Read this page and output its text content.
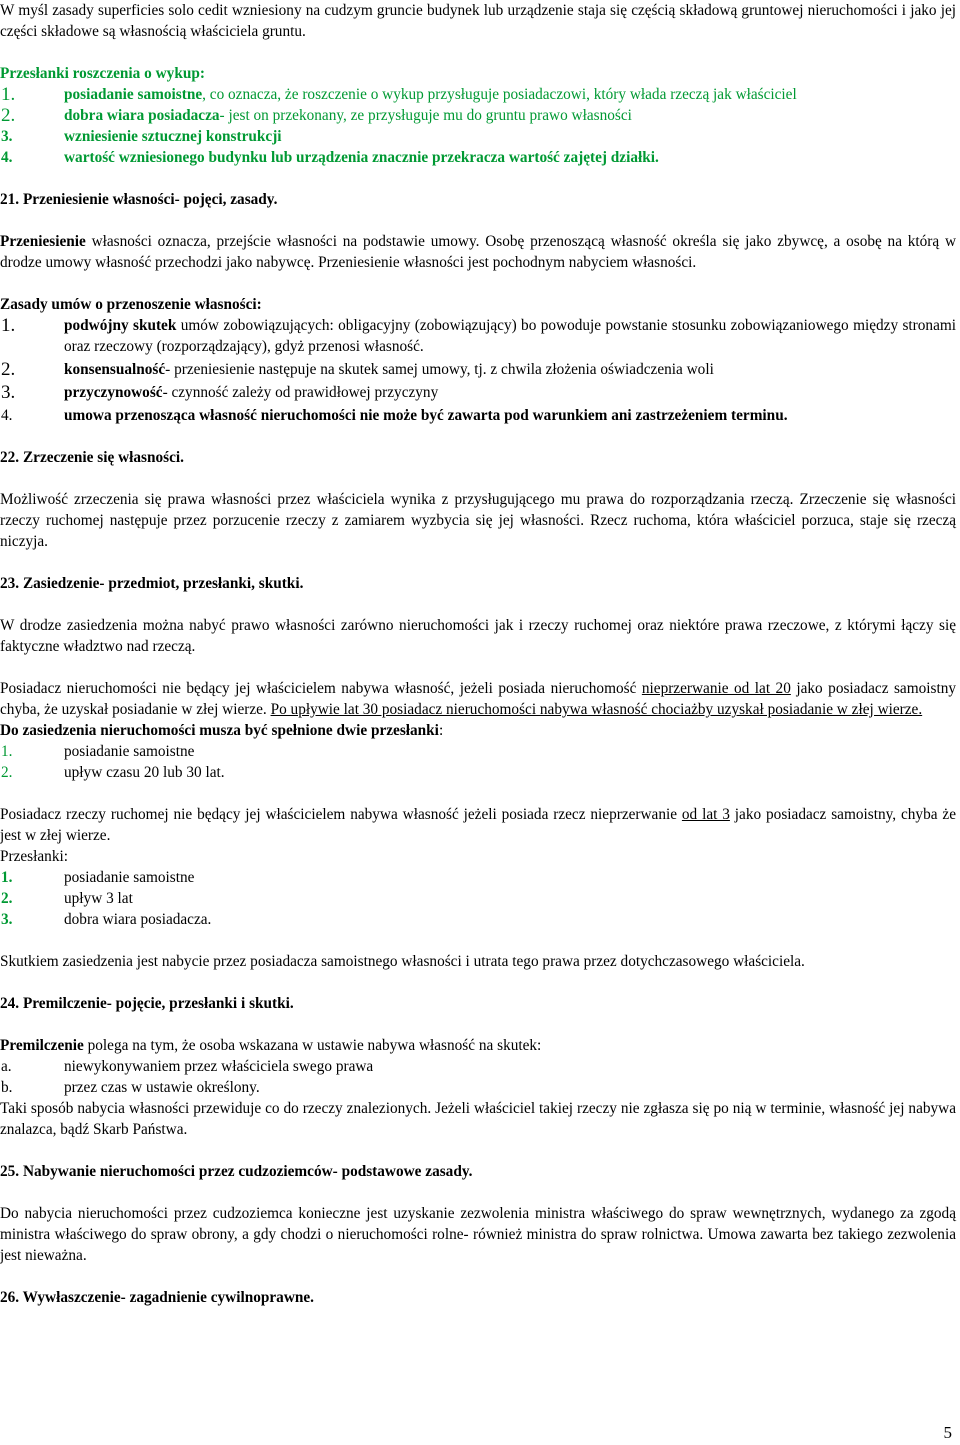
W myśl zasady superficies solo cedit wzniesiony na cudzym gruncie budynek lub urządzenie staja się częścią składową gruntowej nieruchomości i jako jej części składowe są własnością właściciela gruntu.

Przesłanki roszczenia o wykup:

1.	posiadanie samoistne, co oznacza, że roszczenie o wykup przysługuje posiadaczowi, który włada rzeczą jak właściciel
2.	dobra wiara posiadacza- jest on przekonany, ze przysługuje mu do gruntu prawo własności
3.	wzniesienie sztucznej konstrukcji
4.	wartość wzniesionego budynku lub urządzenia znacznie przekracza wartość zajętej działki.

21. Przeniesienie własności- pojęci, zasady.

Przeniesienie własności oznacza, przejście własności na podstawie umowy. Osobę przenoszącą własność określa się jako zbywcę, a osobę na którą w drodze umowy własność przechodzi jako nabywcę. Przeniesienie własności jest pochodnym nabyciem własności.

Zasady umów o przenoszenie własności:

1.	podwójny skutek umów zobowiązujących: obligacyjny (zobowiązujący) bo powoduje powstanie stosunku zobowiązaniowego między stronami oraz rzeczowy (rozporządzający), gdyż przenosi własność.
2.	konsensualność- przeniesienie następuje na skutek samej umowy, tj. z chwila złożenia oświadczenia woli
3.	przyczynowość- czynność zależy od prawidłowej przyczyny
4.	umowa przenosząca własność nieruchomości nie może być zawarta pod warunkiem ani zastrzeżeniem terminu.

22. Zrzeczenie się własności.

Możliwość zrzeczenia się prawa własności przez właściciela wynika z przysługującego mu prawa do rozporządzania rzeczą. Zrzeczenie się własności rzeczy ruchomej następuje przez porzucenie rzeczy z zamiarem wyzbycia się jej własności. Rzecz ruchoma, która właściciel porzuca, staje się rzeczą niczyja.

23. Zasiedzenie- przedmiot, przesłanki, skutki.

W drodze zasiedzenia można nabyć prawo własności zarówno nieruchomości jak i rzeczy ruchomej oraz niektóre prawa rzeczowe, z którymi łączy się faktyczne władztwo nad rzeczą.

Posiadacz nieruchomości nie będący jej właścicielem nabywa własność, jeżeli posiada nieruchomość nieprzerwanie od lat 20 jako posiadacz samoistny chyba, że uzyskał posiadanie w złej wierze. Po upływie lat 30 posiadacz nieruchomości nabywa własność chociażby uzyskał posiadanie w złej wierze.

Do zasiedzenia nieruchomości musza być spełnione dwie przesłanki:

1.	posiadanie samoistne
2.	upływ czasu 20 lub 30 lat.

Posiadacz rzeczy ruchomej nie będący jej właścicielem nabywa własność jeżeli posiada rzecz nieprzerwanie od lat 3 jako posiadacz samoistny, chyba że jest w złej wierze.

Przesłanki:

1.	posiadanie samoistne
2.	upływ 3 lat
3.	dobra wiara posiadacza.

Skutkiem zasiedzenia jest nabycie przez posiadacza samoistnego własności i utrata tego prawa przez dotychczasowego właściciela.

24. Premilczenie- pojęcie, przesłanki i skutki.

Premilczenie polega na tym, że osoba wskazana w ustawie nabywa własność na skutek:

a.	niewykonywaniem przez właściciela swego prawa
b.	przez czas w ustawie określony.

Taki sposób nabycia własności przewiduje co do rzeczy znalezionych. Jeżeli właściciel takiej rzeczy nie zgłasza się po nią w terminie, własność jej nabywa znalazca, bądź Skarb Państwa.

25. Nabywanie nieruchomości przez cudzoziemców- podstawowe zasady.

Do nabycia nieruchomości przez cudzoziemca konieczne jest uzyskanie zezwolenia ministra właściwego do spraw wewnętrznych, wydanego za zgodą ministra właściwego do spraw obrony, a gdy chodzi o nieruchomości rolne- również ministra do spraw rolnictwa. Umowa zawarta bez takiego zezwolenia jest nieważna.

26. Wywłaszczenie- zagadnienie cywilnoprawne.

5
